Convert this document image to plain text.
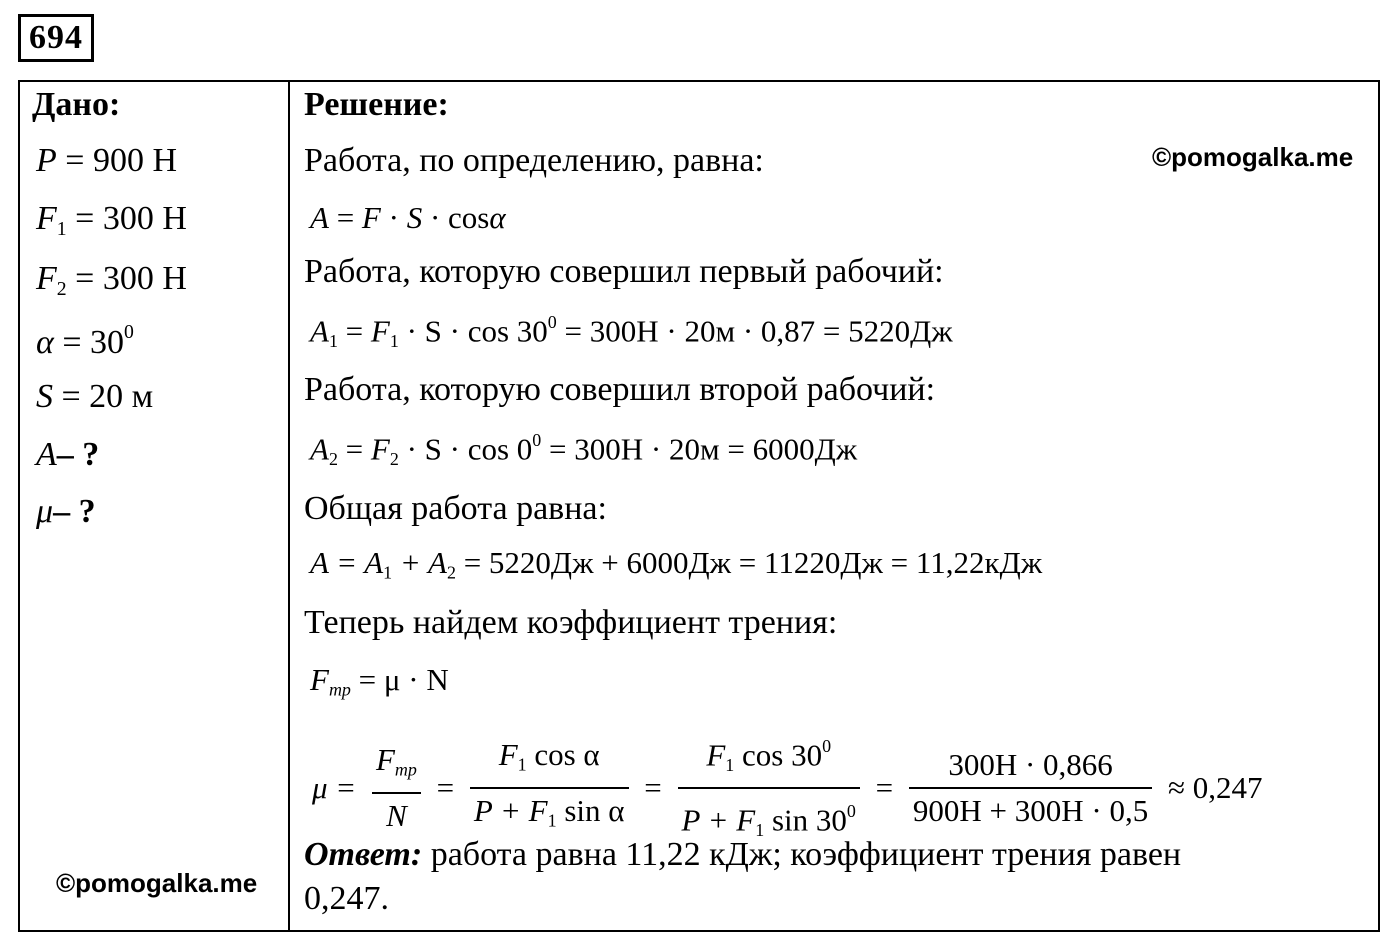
694
Дано:
P = 900 Н
$F_1 = 300$ Н
$F_2 = 300$ Н
$\alpha = 30^0$
S = 20 м
A– ?
μ– ?
©pomogalka.me
Решение:
©pomogalka.me
Работа, по определению, равна:
A = F · S · cosα
Работа, которую совершил первый рабочий:
$A_1 = F_1 \cdot S \cdot \cos 30^0 = 300Н \cdot 20м \cdot 0,87 = 5220Дж$
Работа, которую совершил второй рабочий:
$A_2 = F_2 \cdot S \cdot \cos 0^0 = 300Н \cdot 20м = 6000Дж$
Общая работа равна:
$A = A_1 + A_2 = 5220Дж + 6000Дж = 11220Дж = 11,22кДж$
Теперь найдем коэффициент трения:
$F_{тр} = \mu \cdot N$
$\mu = \frac{F_{тр}}{N} = \frac{F_1 \cos \alpha}{P + F_1 \sin \alpha} = \frac{F_1 \cos 30^0}{P + F_1 \sin 30^0} = \frac{300Н \cdot 0,866}{900Н + 300Н \cdot 0,5} \approx 0,247$
Ответ: работа равна 11,22 кДж; коэффициент трения равен
0,247.
